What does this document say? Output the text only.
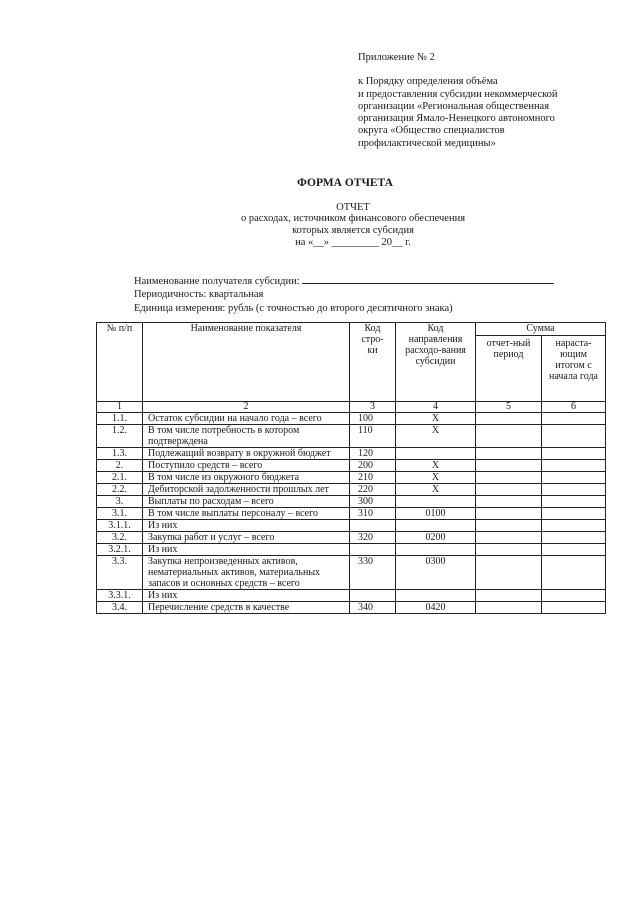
Приложение № 2
к Порядку определения объёма
и предоставления субсидии некоммерческой
организации «Региональная общественная
организация Ямало-Ненецкого автономного
округа «Общество специалистов
профилактической медицины»
ФОРМА ОТЧЕТА
ОТЧЕТ
о расходах, источником финансового обеспечения
которых является субсидия
на «__» _________ 20__ г.
Наименование получателя субсидии:
Периодичность: квартальная
Единица измерения: рубль (с точностью до второго десятичного знака)
№ п/п	Наименование показателя	Код стро-ки	Код направления расходо-вания субсидии	Сумма	
				отчет-ный период	нараста-ющим итогом с начала года
1	2	3	4	5	6
1.1.	Остаток субсидии на начало года – всего	100	X		
1.2.	В том числе потребность в котором подтверждена	110	X		
1.3.	Подлежащий возврату в окружной бюджет	120			
2.	Поступило средств – всего	200	X		
2.1.	В том числе из окружного бюджета	210	X		
2.2.	Дебиторской задолженности прошлых лет	220	X		
3.	Выплаты по расходам – всего	300			
3.1.	В том числе выплаты персоналу – всего	310	0100		
3.1.1.	Из них				
3.2.	Закупка работ и услуг – всего	320	0200		
3.2.1.	Из них				
3.3.	Закупка непроизведенных активов, нематериальных активов, материальных запасов и основных средств – всего	330	0300		
3.3.1.	Из них				
3.4.	Перечисление средств в качестве	340	0420		
